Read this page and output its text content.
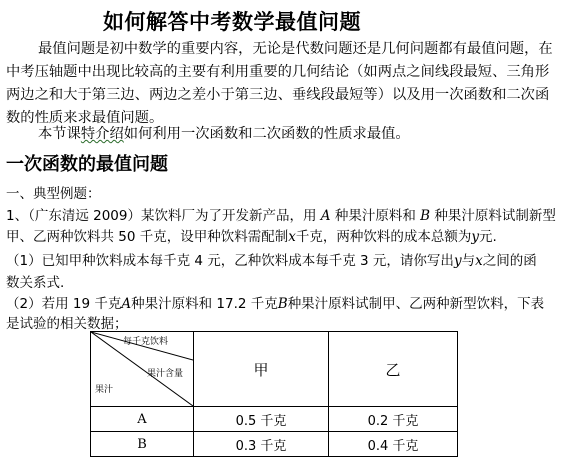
如何解答中考数学最值问题
最值问题是初中数学的重要内容，无论是代数问题还是几何问题都有最值问题，在中考压轴题中出现比较高的主要有利用重要的几何结论（如两点之间线段最短、三角形两边之和大于第三边、两边之差小于第三边、垂线段最短等）以及用一次函数和二次函数的性质来求最值问题。
本节课特介绍如何利用一次函数和二次函数的性质求最值。
一次函数的最值问题
一、典型例题：
1、（广东清远 2009）某饮料厂为了开发新产品，用 A 种果汁原料和 B 种果汁原料试制新型
甲、乙两种饮料共 50 千克，设甲种饮料需配制x千克，两种饮料的成本总额为y元.
（1）已知甲种饮料成本每千克 4 元，乙种饮料成本每千克 3 元，请你写出y与x之间的函
数关系式.
（2）若用 19 千克A种果汁原料和 17.2 千克B种果汁原料试制甲、乙两种新型饮料，下表
是试验的相关数据；
每千克饮料
果汁含量
果汁	甲	乙
A	0.5 千克	0.2 千克
B	0.3 千克	0.4 千克
